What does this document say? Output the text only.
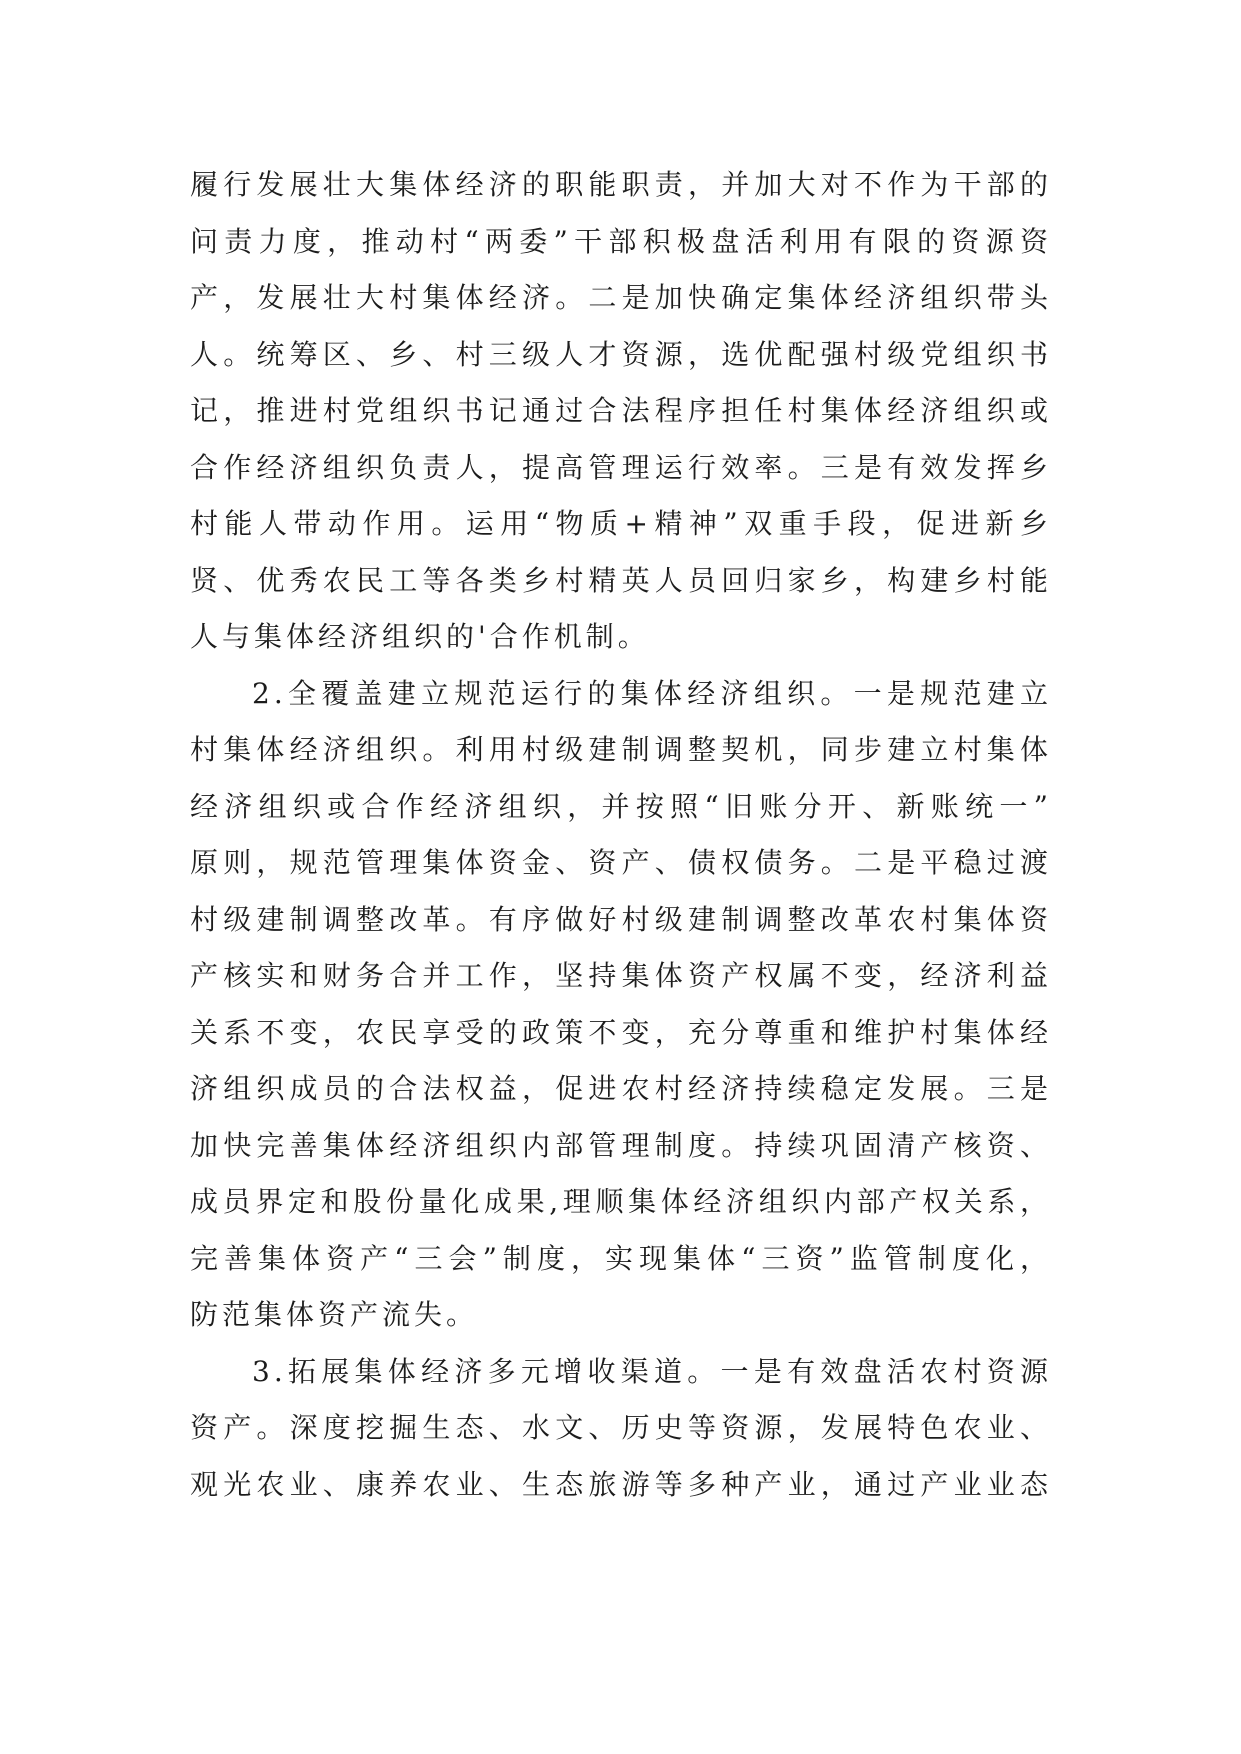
履行发展壮大集体经济的职能职责，并加大对不作为干部的
问责力度，推动村“两委”干部积极盘活利用有限的资源资
产，发展壮大村集体经济。二是加快确定集体经济组织带头
人。统筹区、乡、村三级人才资源，选优配强村级党组织书
记，推进村党组织书记通过合法程序担任村集体经济组织或
合作经济组织负责人，提高管理运行效率。三是有效发挥乡
村能人带动作用。运用“物质+精神”双重手段，促进新乡
贤、优秀农民工等各类乡村精英人员回归家乡，构建乡村能
人与集体经济组织的'合作机制。
2.全覆盖建立规范运行的集体经济组织。一是规范建立
村集体经济组织。利用村级建制调整契机，同步建立村集体
经济组织或合作经济组织，并按照“旧账分开、新账统一”
原则，规范管理集体资金、资产、债权债务。二是平稳过渡
村级建制调整改革。有序做好村级建制调整改革农村集体资
产核实和财务合并工作，坚持集体资产权属不变，经济利益
关系不变，农民享受的政策不变，充分尊重和维护村集体经
济组织成员的合法权益，促进农村经济持续稳定发展。三是
加快完善集体经济组织内部管理制度。持续巩固清产核资、
成员界定和股份量化成果,理顺集体经济组织内部产权关系，
完善集体资产“三会”制度，实现集体“三资”监管制度化，
防范集体资产流失。
3.拓展集体经济多元增收渠道。一是有效盘活农村资源
资产。深度挖掘生态、水文、历史等资源，发展特色农业、
观光农业、康养农业、生态旅游等多种产业，通过产业业态
